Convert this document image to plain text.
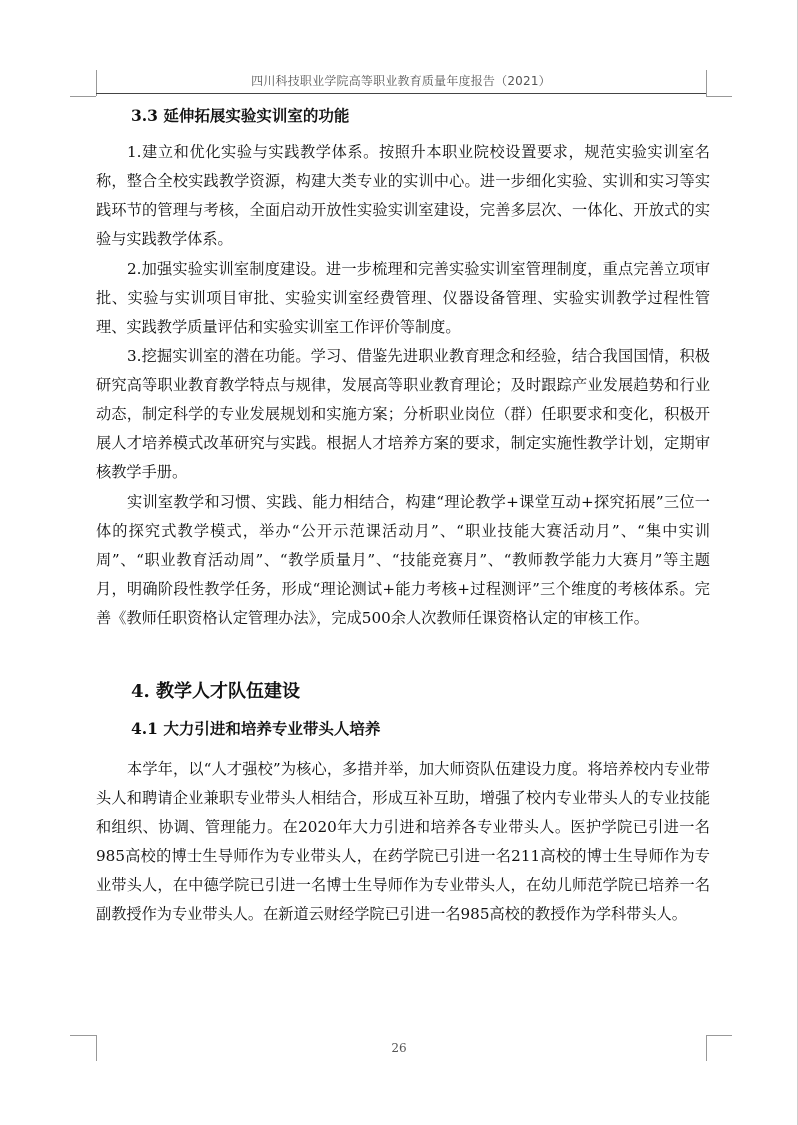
四川科技职业学院高等职业教育质量年度报告（2021）
3.3 延伸拓展实验实训室的功能

1.建立和优化实验与实践教学体系。按照升本职业院校设置要求，规范实验实训室名称，整合全校实践教学资源，构建大类专业的实训中心。进一步细化实验、实训和实习等实践环节的管理与考核，全面启动开放性实验实训室建设，完善多层次、一体化、开放式的实验与实践教学体系。

2.加强实验实训室制度建设。进一步梳理和完善实验实训室管理制度，重点完善立项审批、实验与实训项目审批、实验实训室经费管理、仪器设备管理、实验实训教学过程性管理、实践教学质量评估和实验实训室工作评价等制度。

3.挖掘实训室的潜在功能。学习、借鉴先进职业教育理念和经验，结合我国国情，积极研究高等职业教育教学特点与规律，发展高等职业教育理论；及时跟踪产业发展趋势和行业动态，制定科学的专业发展规划和实施方案；分析职业岗位（群）任职要求和变化，积极开展人才培养模式改革研究与实践。根据人才培养方案的要求，制定实施性教学计划，定期审核教学手册。

实训室教学和习惯、实践、能力相结合，构建“理论教学+课堂互动+探究拓展”三位一体的探究式教学模式，举办“公开示范课活动月”、“职业技能大赛活动月”、“集中实训周”、“职业教育活动周”、“教学质量月”、“技能竞赛月”、“教师教学能力大赛月”等主题月，明确阶段性教学任务，形成“理论测试+能力考核+过程测评”三个维度的考核体系。完善《教师任职资格认定管理办法》，完成500余人次教师任课资格认定的审核工作。

4. 教学人才队伍建设
4.1 大力引进和培养专业带头人培养

本学年，以“人才强校”为核心，多措并举，加大师资队伍建设力度。将培养校内专业带头人和聘请企业兼职专业带头人相结合，形成互补互助，增强了校内专业带头人的专业技能和组织、协调、管理能力。在2020年大力引进和培养各专业带头人。医护学院已引进一名985高校的博士生导师作为专业带头人，在药学院已引进一名211高校的博士生导师作为专业带头人，在中德学院已引进一名博士生导师作为专业带头人，在幼儿师范学院已培养一名副教授作为专业带头人。在新道云财经学院已引进一名985高校的教授作为学科带头人。

26
